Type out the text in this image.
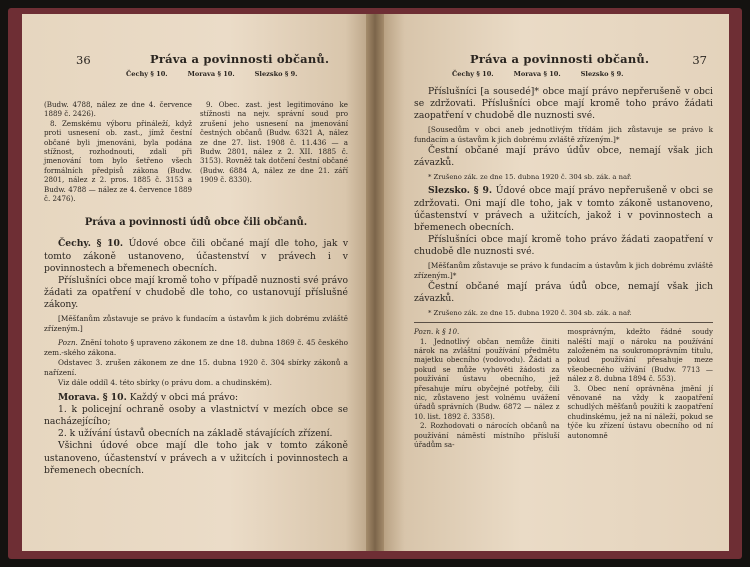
36	Práva a povinnosti občanů.
Čechy § 10.	Morava § 10.	Slezsko § 9.

(Budw. 4788, nález ze dne 4. července 1889 č. 2426).

8. Zemskému výboru přináleží, když proti usnesení ob. zast., jímž čestní občané byli jmenováni, byla podána stížnost, rozhodnouti, zdali při jmenování tom bylo šetřeno všech formálních předpisů zákona (Budw. 2801, nález z 2. pros. 1885 č. 3153 a Budw. 4788 — nález ze 4. července 1889 č. 2476).

9. Obec. zast. jest legitimováno ke stížnosti na nejv. správní soud pro zrušení jeho usnesení na jmenování čestných občanů (Budw. 6321 A, nález ze dne 27. list. 1908 č. 11.436 — a Budw. 2801, nález z 2. XII. 1885 č. 3153). Rovněž tak dotčení čestní občané (Budw. 6884 A, nález ze dne 21. září 1909 č. 8330).

Práva a povinnosti údů obce čili občanů.

Čechy. § 10. Údové obce čili občané mají dle toho, jak v tomto zákoně ustanoveno, účastenství v právech i v povinnostech a břemenech obecních.

Příslušníci obce mají kromě toho v případě nuznosti své právo žádati za opatření v chudobě dle toho, co ustanovují příslušné zákony.

[Měšťanům zůstavuje se právo k fundacím a ústavům k jich dobrému zvláště zřízeným.]

Pozn. Znění tohoto § upraveno zákonem ze dne 18. dubna 1869 č. 45 českého zem.-ského zákona.

Odstavec 3. zrušen zákonem ze dne 15. dubna 1920 č. 304 sbírky zákonů a nařízení.

Viz dále oddíl 4. této sbírky (o právu dom. a chudinském).

Morava. § 10. Každý v obci má právo:

1. k policejní ochraně osoby a vlastnictví v mezích obce se nacházejícího;

2. k užívání ústavů obecních na základě stávajících zřízení.

Všichni údové obce mají dle toho jak v tomto zákoně ustanoveno, účastenství v právech a v užitcích i povinnostech a břemenech obecních.

Práva a povinnosti občanů.	37
Čechy § 10.	Morava § 10.	Slezsko § 9.

Příslušníci [a sousedé]* obce mají právo nepřerušeně v obci se zdržovati. Příslušníci obce mají kromě toho právo žádati zaopatření v chudobě dle nuznosti své.

[Sousedům v obci aneb jednotlivým třídám jich zůstavuje se právo k fundacím a ústavům k jich dobrému zvláště zřízeným.]*

Čestní občané mají právo údův obce, nemají však jich závazků.

* Zrušeno zák. ze dne 15. dubna 1920 č. 304 sb. zák. a nař.

Slezsko. § 9. Údové obce mají právo nepřerušeně v obci se zdržovati. Oni mají dle toho, jak v tomto zákoně ustanoveno, účastenství v právech a užitcích, jakož i v povinnostech a břemenech obecních.

Příslušníci obce mají kromě toho právo žádati zaopatření v chudobě dle nuznosti své.

[Měšťanům zůstavuje se právo k fundacím a ústavům k jich dobrému zvláště zřízeným.]*

Čestní občané mají práva údů obce, nemají však jich závazků.

* Zrušeno zák. ze dne 15. dubna 1920 č. 304 sb. zák. a nař.

Pozn. k § 10.

1. Jednotlivý občan nemůže činiti nárok na zvláštní používání předmětu majetku obecního (vodovodu). Žádati a pokud se může vyhověti žádosti za používání ústavu obecního, jež přesahuje míru obyčejné potřeby, čili nic, zůstaveno jest volnému uvážení úřadů správních (Budw. 6872 — nález z 10. list. 1892 č. 3358).

2. Rozhodovati o nárocích občanů na používání náměstí místního přísluší úřadům sa-

mosprávným, kdežto řádné soudy naléští mají o nároku na používání založeném na soukromoprávním titulu, pokud používání přesahuje meze všeobecného užívání (Budw. 7713 — nález z 8. dubna 1894 č. 553).

3. Obec není oprávněna jmění jí věnované na vždy k zaopatření schudlých měšťanů použíti k zaopatření chudinskému, jež na ní náleží, pokud se týče ku zřízení ústavu obecního od ní autonomně
